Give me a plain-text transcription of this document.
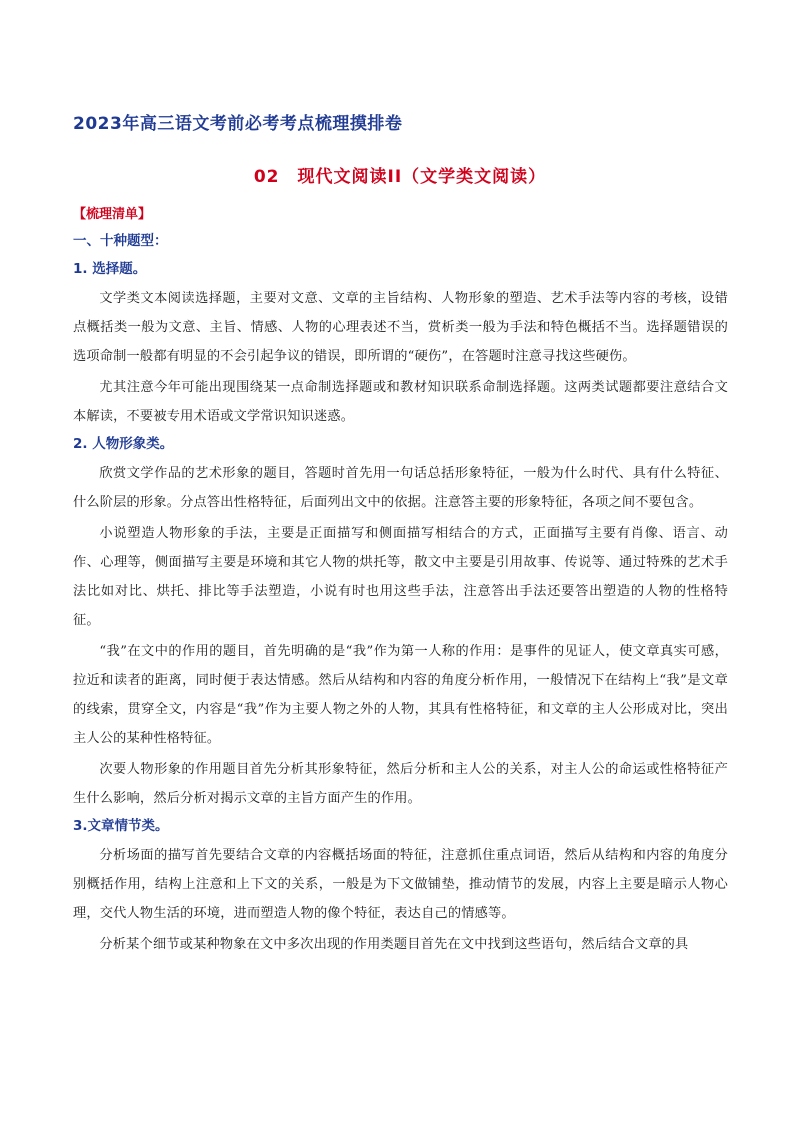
2023年高三语文考前必考考点梳理摸排卷
02 现代文阅读II（文学类文阅读）
【梳理清单】
一、十种题型：
1. 选择题。

文学类文本阅读选择题，主要对文意、文章的主旨结构、人物形象的塑造、艺术手法等内容的考核，设错点概括类一般为文意、主旨、情感、人物的心理表述不当，赏析类一般为手法和特色概括不当。选择题错误的选项命制一般都有明显的不会引起争议的错误，即所谓的“硬伤”，在答题时注意寻找这些硬伤。

尤其注意今年可能出现围绕某一点命制选择题或和教材知识联系命制选择题。这两类试题都要注意结合文本解读，不要被专用术语或文学常识知识迷惑。

2. 人物形象类。

欣赏文学作品的艺术形象的题目，答题时首先用一句话总括形象特征，一般为什么时代、具有什么特征、什么阶层的形象。分点答出性格特征，后面列出文中的依据。注意答主要的形象特征，各项之间不要包含。

小说塑造人物形象的手法，主要是正面描写和侧面描写相结合的方式，正面描写主要有肖像、语言、动作、心理等，侧面描写主要是环境和其它人物的烘托等，散文中主要是引用故事、传说等、通过特殊的艺术手法比如对比、烘托、排比等手法塑造，小说有时也用这些手法，注意答出手法还要答出塑造的人物的性格特征。

“我”在文中的作用的题目，首先明确的是“我”作为第一人称的作用：是事件的见证人，使文章真实可感，拉近和读者的距离，同时便于表达情感。然后从结构和内容的角度分析作用，一般情况下在结构上“我”是文章的线索，贯穿全文，内容是“我”作为主要人物之外的人物，其具有性格特征，和文章的主人公形成对比，突出主人公的某种性格特征。

次要人物形象的作用题目首先分析其形象特征，然后分析和主人公的关系，对主人公的命运或性格特征产生什么影响，然后分析对揭示文章的主旨方面产生的作用。

3.文章情节类。

分析场面的描写首先要结合文章的内容概括场面的特征，注意抓住重点词语，然后从结构和内容的角度分别概括作用，结构上注意和上下文的关系，一般是为下文做铺垫，推动情节的发展，内容上主要是暗示人物心理，交代人物生活的环境，进而塑造人物的像个特征，表达自己的情感等。

分析某个细节或某种物象在文中多次出现的作用类题目首先在文中找到这些语句，然后结合文章的具
